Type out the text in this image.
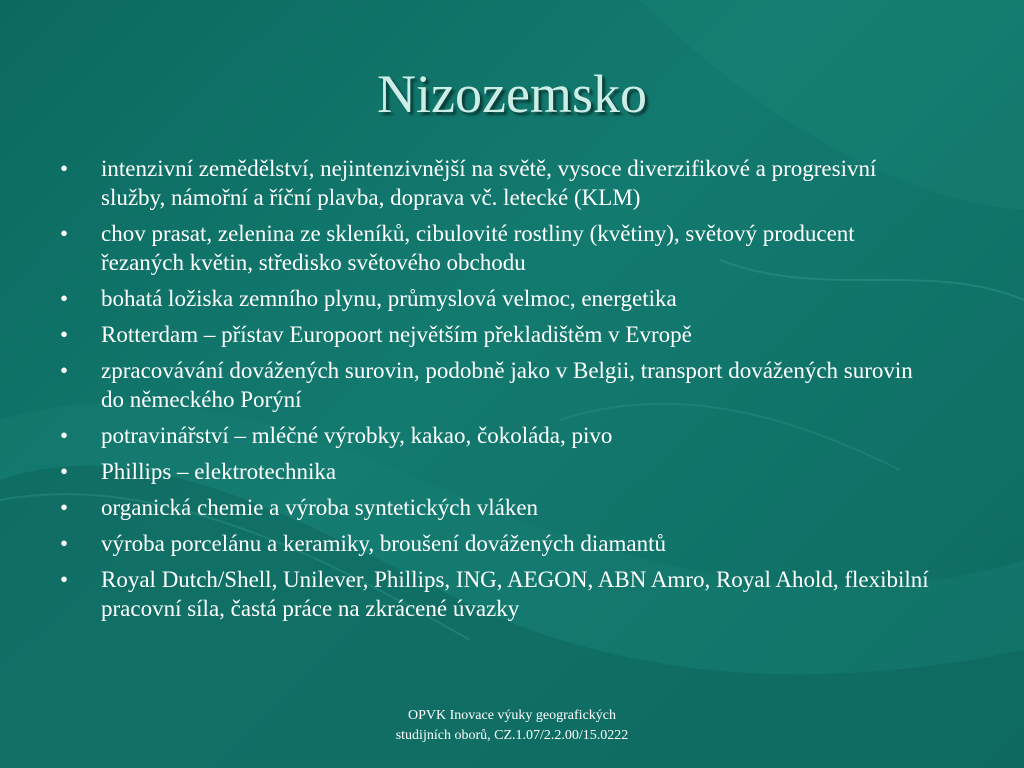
Nizozemsko
•	intenzivní zemědělství, nejintenzivnější na světě, vysoce diverzifikové a progresivní služby, námořní a říční plavba, doprava vč. letecké (KLM)
•	chov prasat, zelenina ze skleníků, cibulovité rostliny (květiny), světový producent řezaných květin, středisko světového obchodu
•	bohatá ložiska zemního plynu, průmyslová velmoc, energetika
•	Rotterdam – přístav Europoort největším překladištěm v Evropě
•	zpracovávání dovážených surovin, podobně jako v Belgii, transport dovážených surovin do německého Porýní
•	potravinářství – mléčné výrobky, kakao, čokoláda, pivo
•	Phillips – elektrotechnika
•	organická chemie a výroba syntetických vláken
•	výroba porcelánu a keramiky, broušení dovážených diamantů
•	Royal Dutch/Shell, Unilever, Phillips, ING, AEGON, ABN Amro, Royal Ahold, flexibilní pracovní síla, častá práce na zkrácené úvazky
OPVK Inovace výuky geografických
studijních oborů, CZ.1.07/2.2.00/15.0222
